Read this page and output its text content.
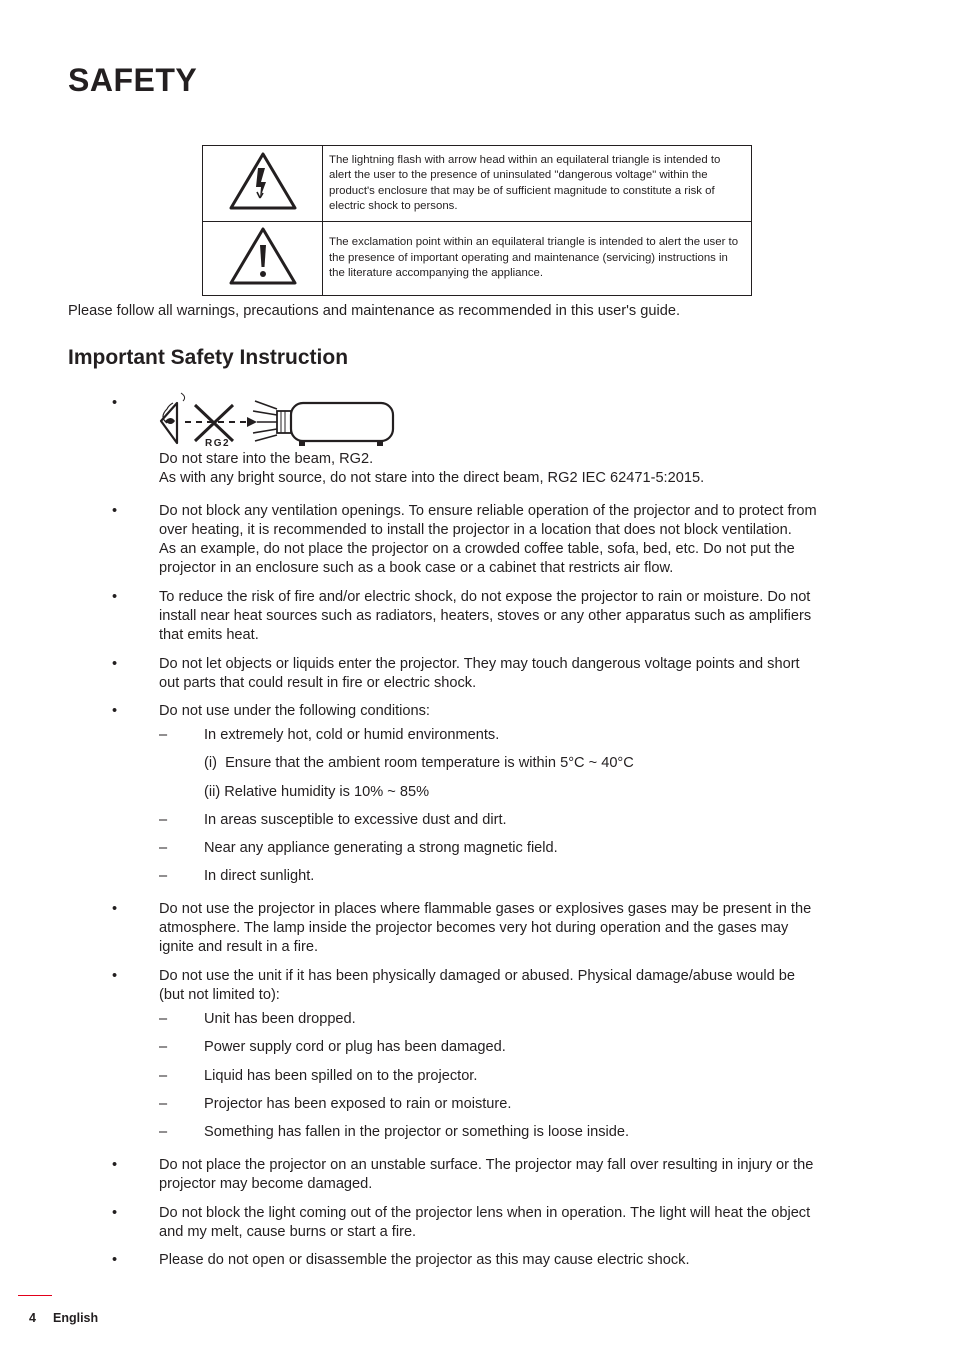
SAFETY
	The lightning flash with arrow head within an equilateral triangle is intended to alert the user to the presence of uninsulated "dangerous voltage" within the product's enclosure that may be of sufficient magnitude to constitute a risk of electric shock to persons.
	The exclamation point within an equilateral triangle is intended to alert the user to the presence of important operating and maintenance (servicing) instructions in the literature accompanying the appliance.

Please follow all warnings, precautions and maintenance as recommended in this user's guide.

Important Safety Instruction
•
RG2

Do not stare into the beam, RG2.

As with any bright source, do not stare into the direct beam, RG2 IEC 62471-5:2015.

•	Do not block any ventilation openings. To ensure reliable operation of the projector and to protect from

over heating, it is recommended to install the projector in a location that does not block ventilation.

As an example, do not place the projector on a crowded coffee table, sofa, bed, etc. Do not put the

projector in an enclosure such as a book case or a cabinet that restricts air flow.

•	To reduce the risk of fire and/or electric shock, do not expose the projector to rain or moisture. Do not

install near heat sources such as radiators, heaters, stoves or any other apparatus such as amplifiers

that emits heat.

•	Do not let objects or liquids enter the projector. They may touch dangerous voltage points and short

out parts that could result in fire or electric shock.

•	Do not use under the following conditions:

–	In extremely hot, cold or humid environments.

(i)  Ensure that the ambient room temperature is within 5°C ~ 40°C

(ii) Relative humidity is 10% ~ 85%

–	In areas susceptible to excessive dust and dirt.

–	Near any appliance generating a strong magnetic field.

–	In direct sunlight.

•	Do not use the projector in places where flammable gases or explosives gases may be present in the

atmosphere. The lamp inside the projector becomes very hot during operation and the gases may

ignite and result in a fire.

•	Do not use the unit if it has been physically damaged or abused. Physical damage/abuse would be

(but not limited to):

–	Unit has been dropped.

–	Power supply cord or plug has been damaged.

–	Liquid has been spilled on to the projector.

–	Projector has been exposed to rain or moisture.

–	Something has fallen in the projector or something is loose inside.

•	Do not place the projector on an unstable surface. The projector may fall over resulting in injury or the

projector may become damaged.

•	Do not block the light coming out of the projector lens when in operation. The light will heat the object

and my melt, cause burns or start a fire.

•	Please do not open or disassemble the projector as this may cause electric shock.

4 English
